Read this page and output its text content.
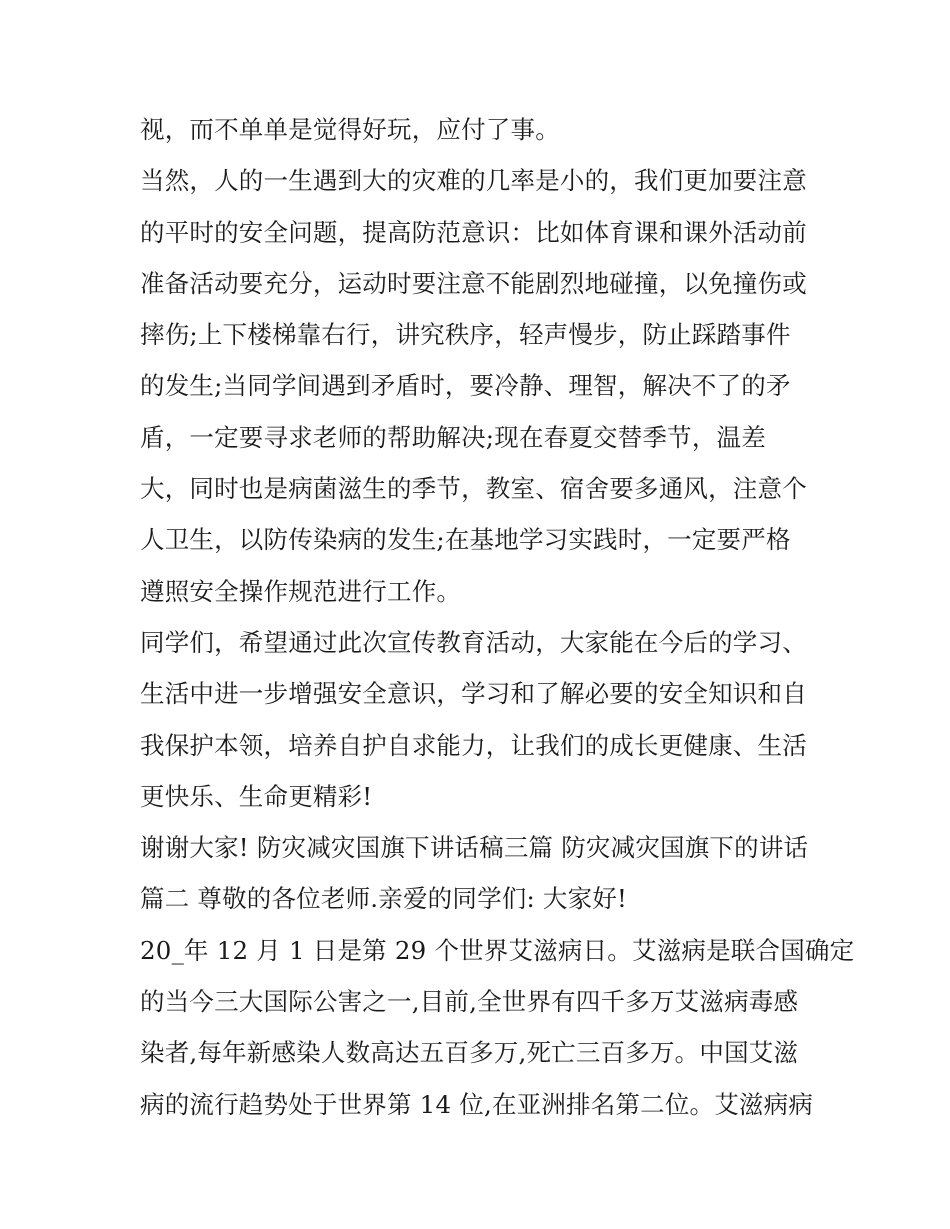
视，而不单单是觉得好玩，应付了事。
当然，人的一生遇到大的灾难的几率是小的，我们更加要注意
的平时的安全问题，提高防范意识：比如体育课和课外活动前
准备活动要充分，运动时要注意不能剧烈地碰撞，以免撞伤或
摔伤;上下楼梯靠右行，讲究秩序，轻声慢步，防止踩踏事件
的发生;当同学间遇到矛盾时，要冷静、理智，解决不了的矛
盾，一定要寻求老师的帮助解决;现在春夏交替季节，温差
大，同时也是病菌滋生的季节，教室、宿舍要多通风，注意个
人卫生，以防传染病的发生;在基地学习实践时，一定要严格
遵照安全操作规范进行工作。
同学们，希望通过此次宣传教育活动，大家能在今后的学习、
生活中进一步增强安全意识，学习和了解必要的安全知识和自
我保护本领，培养自护自求能力，让我们的成长更健康、生活
更快乐、生命更精彩!
谢谢大家! 防灾减灾国旗下讲话稿三篇 防灾减灾国旗下的讲话
篇二 尊敬的各位老师.亲爱的同学们: 大家好!
20_年 12 月 1 日是第 29 个世界艾滋病日。艾滋病是联合国确定
的当今三大国际公害之一,目前,全世界有四千多万艾滋病毒感
染者,每年新感染人数高达五百多万,死亡三百多万。中国艾滋
病的流行趋势处于世界第 14 位,在亚洲排名第二位。艾滋病病
